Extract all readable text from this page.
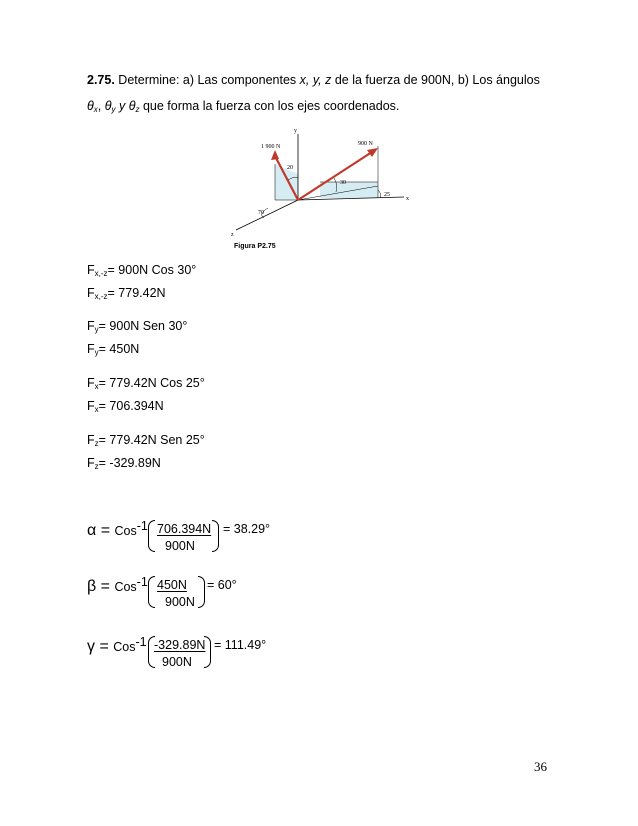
2.75. Determine: a) Las componentes x, y, z de la fuerza de 900N, b) Los ángulos
$\theta_x$, $\theta_y$ y $\theta_z$ que forma la fuerza con los ejes coordenados.
y
x
z
1 900 N	900 N
20
30
25
70
Figura P2.75
$F_{x,-z}= 900N$ Cos 30°
$F_{x,-z}= 779.42N$
$F_y= 900N$ Sen 30°
$F_y= 450N$
$F_x= 779.42N$ Cos 25°
$F_x= 706.394N$
$F_z= 779.42N$ Sen 25°
$F_z= -329.89N$
α = Cos$^{-1}$ 706.394N
900N
= 38.29°
β = Cos$^{-1}$ 450N
900N
= 60°
γ = Cos$^{-1}$ -329.89N
900N
= 111.49°
36
